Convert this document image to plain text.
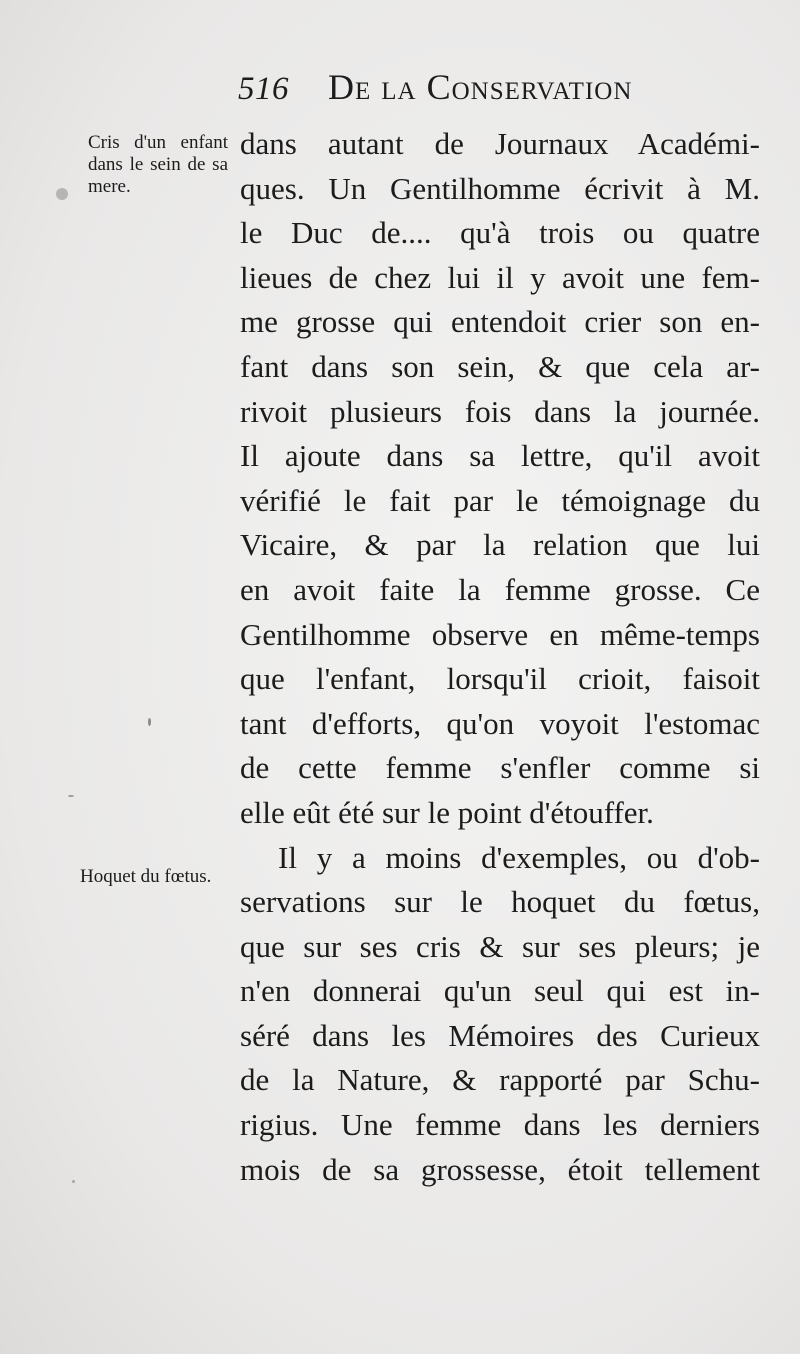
516	De la Conservation
Cris d'un enfant dans le sein de sa mere.
Hoquet du fœtus.
dans autant de Journaux Académi-
ques. Un Gentilhomme écrivit à M.
le Duc de.... qu'à trois ou quatre
lieues de chez lui il y avoit une fem-
me grosse qui entendoit crier son en-
fant dans son sein, & que cela ar-
rivoit plusieurs fois dans la journée.
Il ajoute dans sa lettre, qu'il avoit
vérifié le fait par le témoignage du
Vicaire, & par la relation que lui
en avoit faite la femme grosse. Ce
Gentilhomme observe en même-temps
que l'enfant, lorsqu'il crioit, faisoit
tant d'efforts, qu'on voyoit l'estomac
de cette femme s'enfler comme si
elle eût été sur le point d'étouffer.
Il y a moins d'exemples, ou d'ob-
servations sur le hoquet du fœtus,
que sur ses cris & sur ses pleurs; je
n'en donnerai qu'un seul qui est in-
séré dans les Mémoires des Curieux
de la Nature, & rapporté par Schu-
rigius. Une femme dans les derniers
mois de sa grossesse, étoit tellement
